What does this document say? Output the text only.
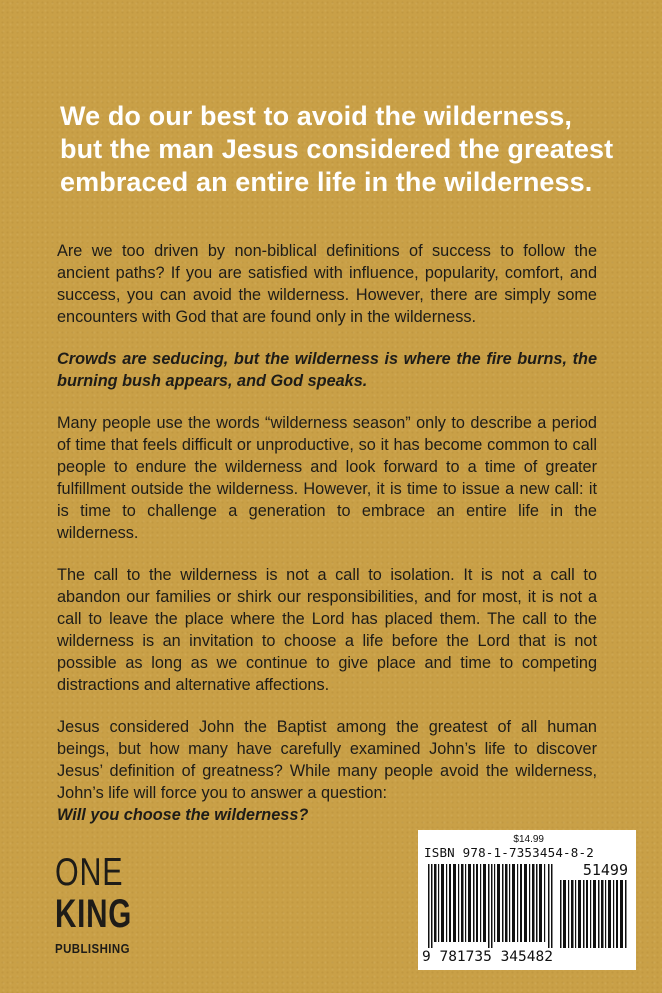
We do our best to avoid the wilderness,
but the man Jesus considered the greatest
embraced an entire life in the wilderness.

Are we too driven by non-biblical definitions of success to follow the ancient paths? If you are satisfied with influence, popularity, comfort, and success, you can avoid the wilderness. However, there are simply some encounters with God that are found only in the wilderness.

Crowds are seducing, but the wilderness is where the fire burns, the burning bush appears, and God speaks.

Many people use the words “wilderness season” only to describe a period of time that feels difficult or unproductive, so it has become common to call people to endure the wilderness and look forward to a time of greater fulfillment outside the wilderness. However, it is time to issue a new call: it is time to challenge a generation to embrace an entire life in the wilderness.

The call to the wilderness is not a call to isolation. It is not a call to abandon our families or shirk our responsibilities, and for most, it is not a call to leave the place where the Lord has placed them. The call to the wilderness is an invitation to choose a life before the Lord that is not possible as long as we continue to give place and time to competing distractions and alternative affections.

Jesus considered John the Baptist among the greatest of all human beings, but how many have carefully examined John’s life to discover Jesus’ definition of greatness? While many people avoid the wilderness, John’s life will force you to answer a question:
Will you choose the wilderness?

ONE
KING
PUBLISHING
$14.99
ISBN 978-1-7353454-8-2
51499
9 781735 345482
